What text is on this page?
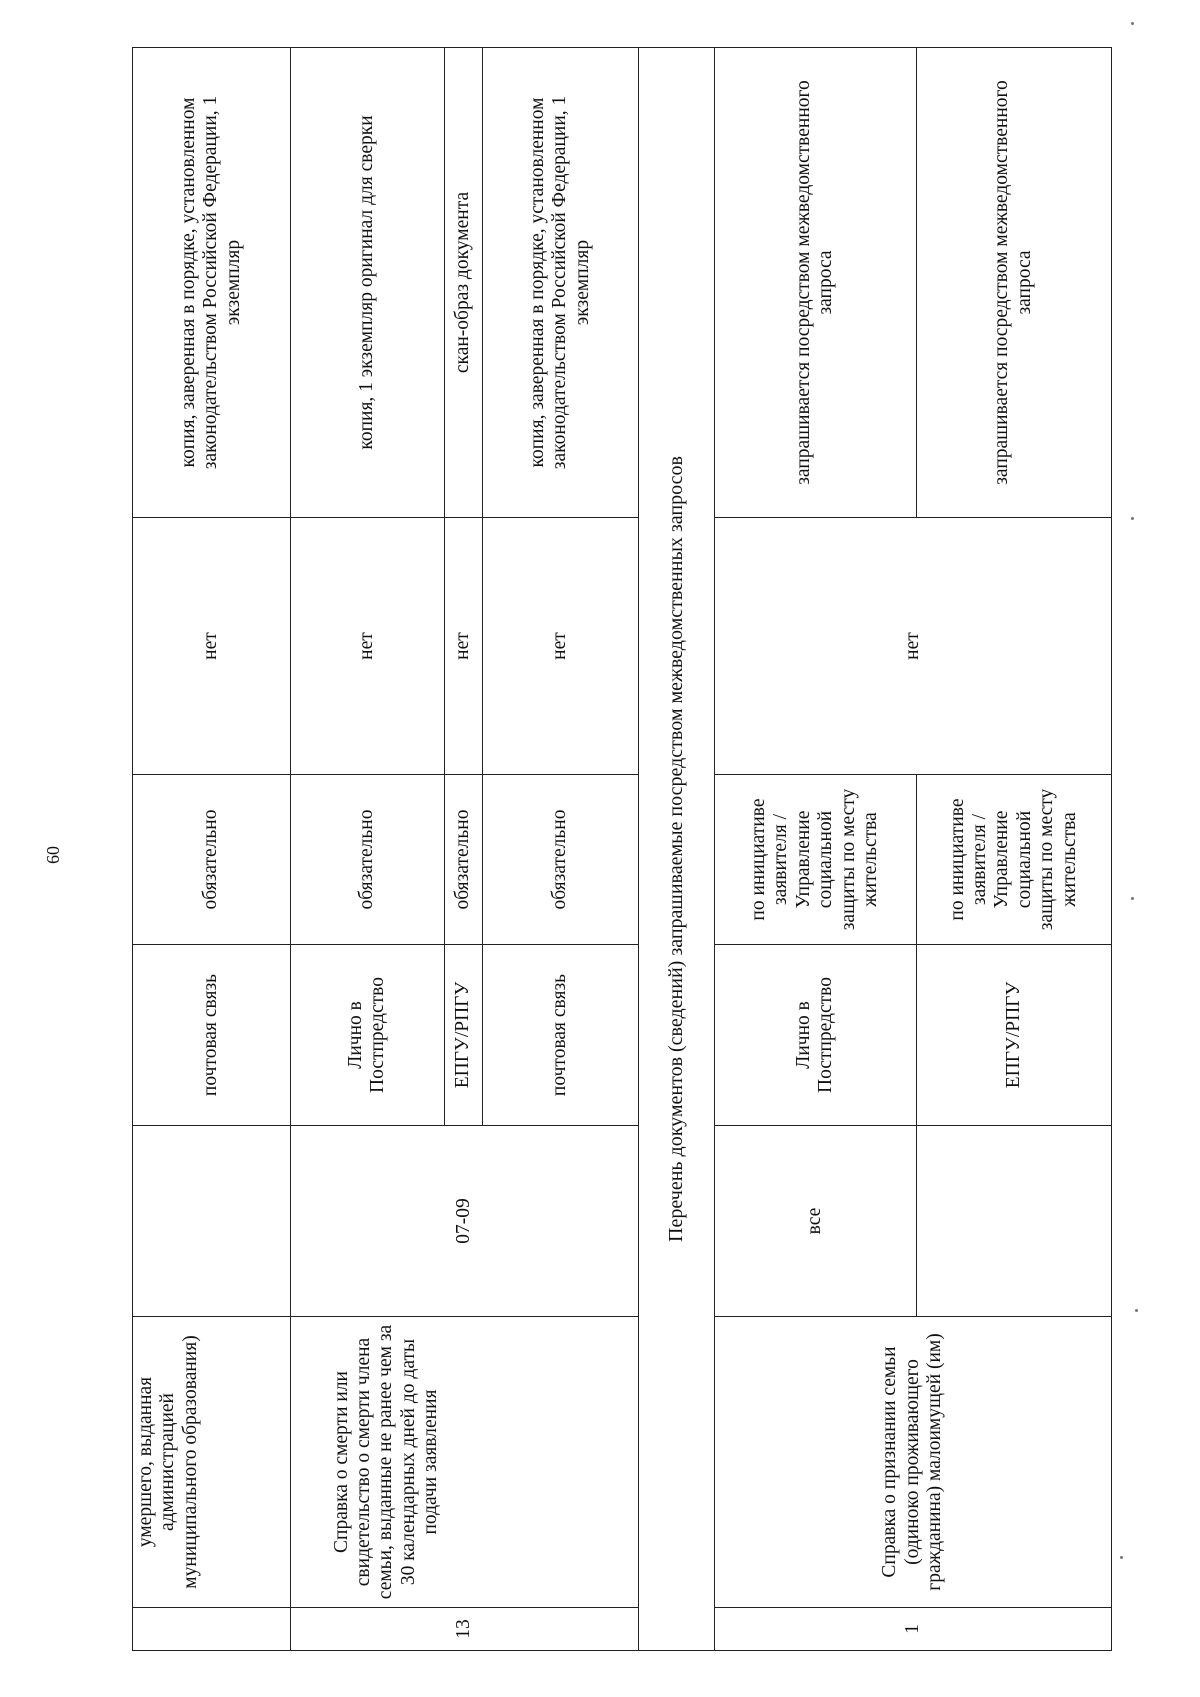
60
	умершего, выданная администрацией муниципального образования)		почтовая связь	обязательно	нет	копия, заверенная в порядке, установленном законодательством Российской Федерации, 1 экземпляр
13	Справка о смерти или свидетельство о смерти члена семьи, выданные не ранее чем за 30 календарных дней до даты подачи заявления	07-09	Лично в Постпредство	обязательно	нет	копия, 1 экземпляр оригинал для сверки
			ЕПГУ/РПГУ	обязательно	нет	скан-образ документа
			почтовая связь	обязательно	нет	копия, заверенная в порядке, установленном законодательством Российской Федерации, 1 экземпляр
Перечень документов (сведений) запрашиваемые посредством межведомственных запросов						
1	Справка о признании семьи (одиноко проживающего гражданина) малоимущей (им)	все	Лично в Постпредство	по инициативе заявителя / Управление социальной защиты по месту жительства	нет	запрашивается посредством межведомственного запроса
			ЕПГУ/РПГУ	по инициативе заявителя / Управление социальной защиты по месту жительства		запрашивается посредством межведомственного запроса
